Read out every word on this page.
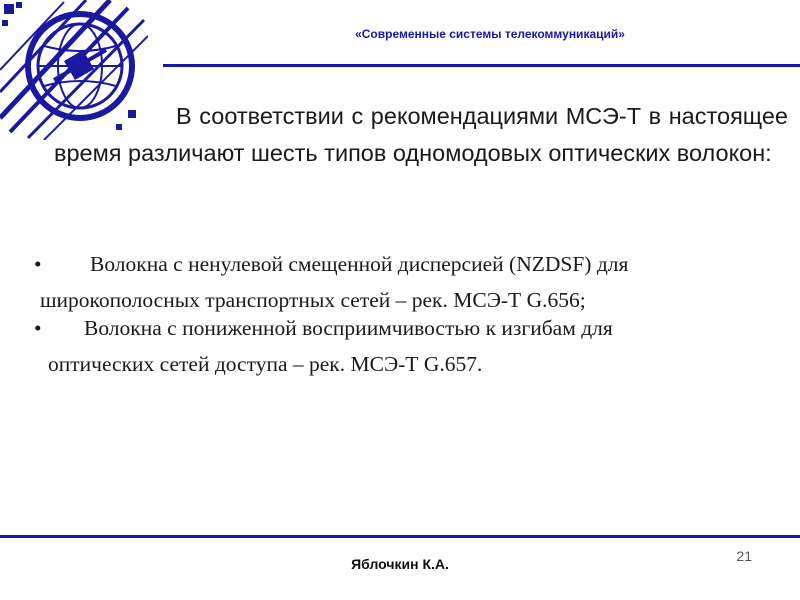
«Современные системы телекоммуникаций»

В соответствии с рекомендациями МСЭ-Т в настоящее время различают шесть типов одномодовых оптических волокон:

• Волокна с ненулевой смещенной дисперсией (NZDSF) для
широкополосных транспортных сетей – рек. МСЭ-Т G.656;
• Волокна с пониженной восприимчивостью к изгибам для
оптических сетей доступа – рек. МСЭ-Т G.657.
Яблочкин К.А.	21
